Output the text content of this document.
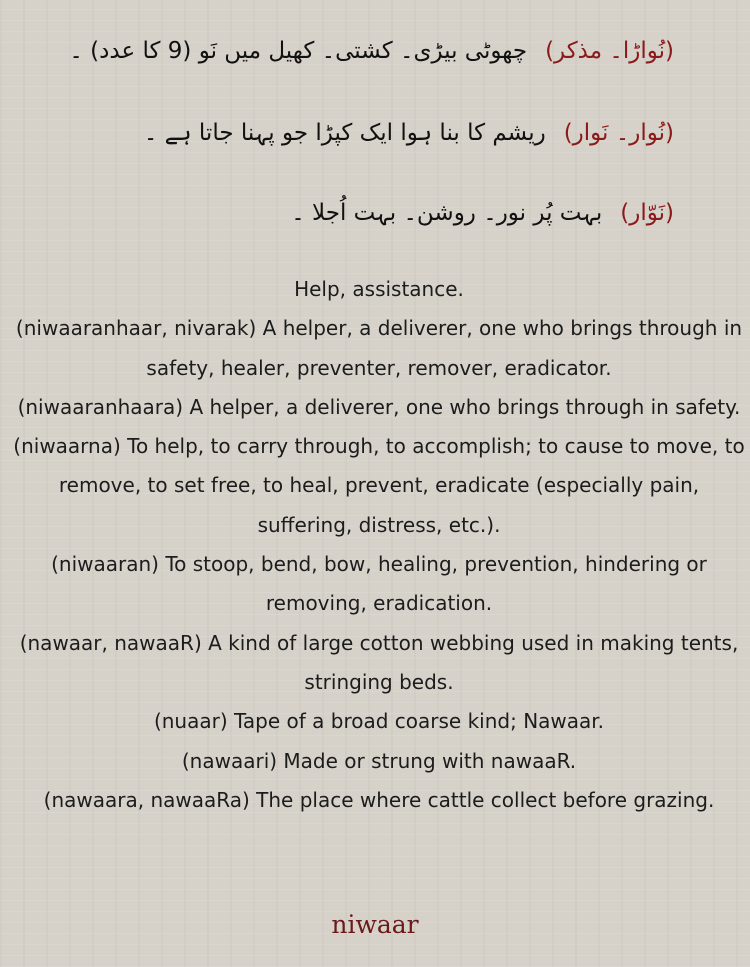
(نُواڑا۔ مذکر)چھوٹی بیڑی۔ کشتی۔ کھیل میں نَو (9 کا عدد) ۔
(نُوار۔ نَوار)ریشم کا بنا ہوا ایک کپڑا جو پہنا جاتا ہے ۔
(نَوّار)بہت پُر نور۔ روشن۔ بہت اُجلا ۔

Help, assistance.

(niwaaranhaar, nivarak) A helper, a deliverer, one who brings through in safety, healer, preventer, remover, eradicator.

(niwaaranhaara) A helper, a deliverer, one who brings through in safety.

(niwaarna) To help, to carry through, to accomplish; to cause to move, to remove, to set free, to heal, prevent, eradicate (especially pain, suffering, distress, etc.).

(niwaaran) To stoop, bend, bow, healing, prevention, hindering or removing, eradication.

(nawaar, nawaaR) A kind of large cotton webbing used in making tents, stringing beds.

(nuaar) Tape of a broad coarse kind; Nawaar.

(nawaari) Made or strung with nawaaR.

(nawaara, nawaaRa) The place where cattle collect before grazing.

niwaar
